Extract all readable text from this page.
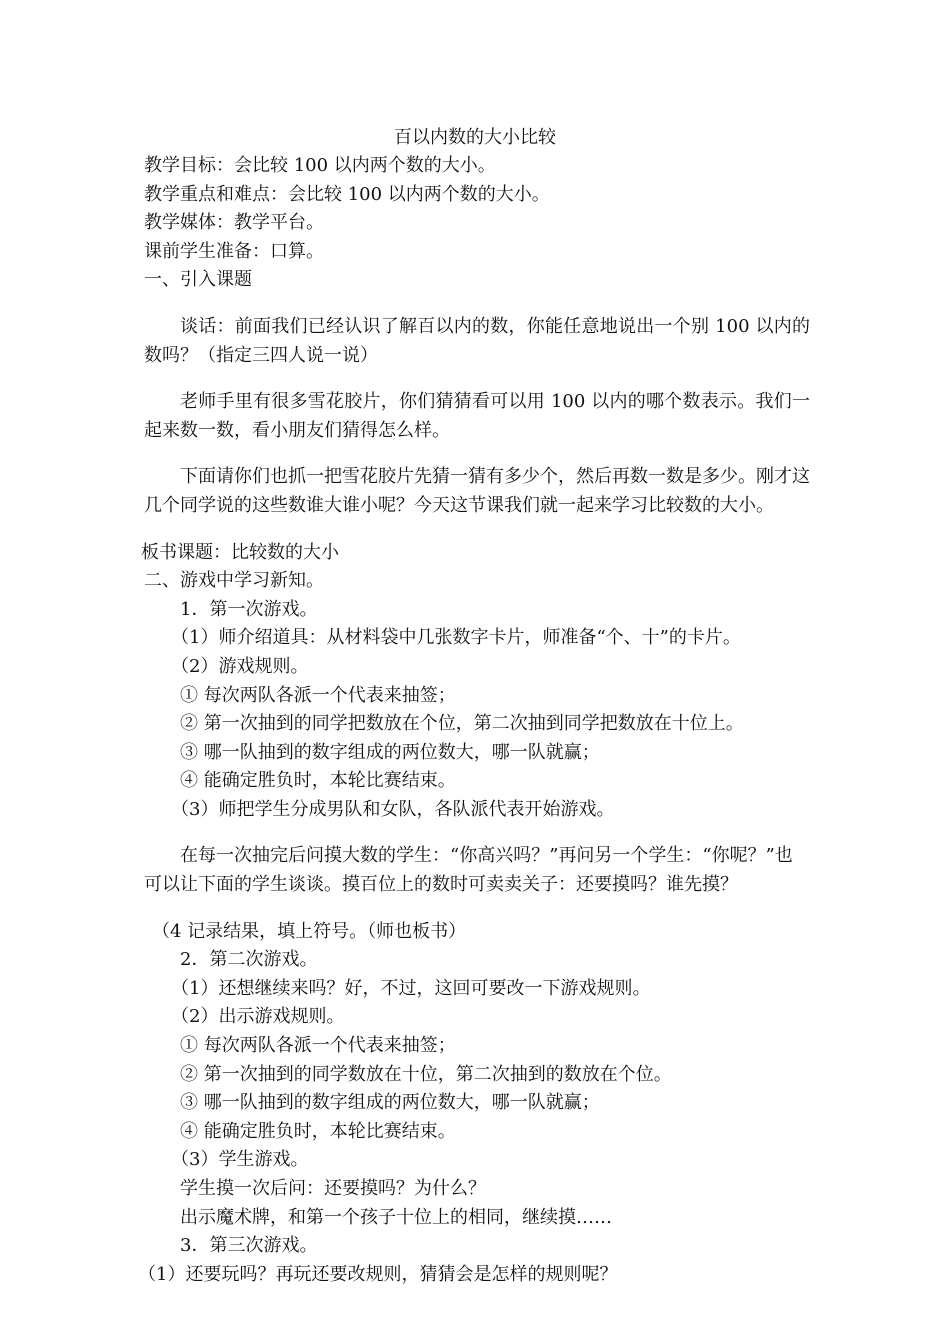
百以内数的大小比较

教学目标：会比较 100 以内两个数的大小。

教学重点和难点：会比较 100 以内两个数的大小。

教学媒体：教学平台。

课前学生准备：口算。

一、引入课题

谈话：前面我们已经认识了解百以内的数，你能任意地说出一个别 100 以内的数吗？（指定三四人说一说）

老师手里有很多雪花胶片，你们猜猜看可以用 100 以内的哪个数表示。我们一起来数一数，看小朋友们猜得怎么样。

下面请你们也抓一把雪花胶片先猜一猜有多少个，然后再数一数是多少。刚才这几个同学说的这些数谁大谁小呢？今天这节课我们就一起来学习比较数的大小。

板书课题：比较数的大小

二、游戏中学习新知。

1．第一次游戏。

（1）师介绍道具：从材料袋中几张数字卡片，师准备“个、十”的卡片。

（2）游戏规则。

① 每次两队各派一个代表来抽签；

② 第一次抽到的同学把数放在个位，第二次抽到同学把数放在十位上。

③ 哪一队抽到的数字组成的两位数大，哪一队就赢；

④ 能确定胜负时，本轮比赛结束。

（3）师把学生分成男队和女队，各队派代表开始游戏。

在每一次抽完后问摸大数的学生：“你高兴吗？”再问另一个学生：“你呢？”也可以让下面的学生谈谈。摸百位上的数时可卖卖关子：还要摸吗？谁先摸？

（4 记录结果，填上符号。（师也板书）

2．第二次游戏。

（1）还想继续来吗？好，不过，这回可要改一下游戏规则。

（2）出示游戏规则。

① 每次两队各派一个代表来抽签；

② 第一次抽到的同学数放在十位，第二次抽到的数放在个位。

③ 哪一队抽到的数字组成的两位数大，哪一队就赢；

④ 能确定胜负时，本轮比赛结束。

（3）学生游戏。

学生摸一次后问：还要摸吗？为什么？

出示魔术牌，和第一个孩子十位上的相同，继续摸……

3．第三次游戏。

（1）还要玩吗？再玩还要改规则，猜猜会是怎样的规则呢？
